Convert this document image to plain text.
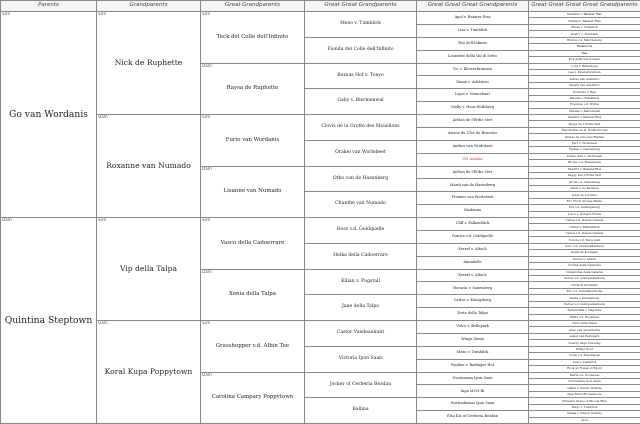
Parents	Grandparents	Great Grandparents	Great Great Grandparents	Great Great Great Grandparents	Great Great Great Great Grandparents

Sire
Go van Wordanis	Sire
Nick de Ruphette	Sire
Teck del Colle dell'Infinito	Mexo v. Tumblick	Apol v. Batarer Riss	Kashmir v. Batarer Riss
					Chanel v. Batarer Riss
				Lisa v. Tumblick	Brexa v. Tumblick
					Poetry v. Tumblick
			Fionda del Colle dell'Infinito	Tito dell'Infinito	Brutus v.d. Marcheberg
					Bellamicia
				Louisette della Val di Setto	Ben
					Eva della Val di Setto

		Dam
Raysa de Ruphette	Boxxas Hof v. Tonyo	Vic v. Klosterbrunnen	Lord v. Rittenberg
					Lea v. Klosterbrunnen
				Diana v. Adelsirro	Zeltus van Adelsirro
					Wendy van Adelsirro
			Gaby v. Biermenwal	Lajos v. Neunebaut	Scudetto v. Bell
					Fabelle v. Fabelberg
				Molly v. Haus Rothberg	Erasmus v.d. Wiche
					Mirelle v. Bentonwall

	Dam
Roxanne van Numado	Sire
Furio van Wordanis	Clovis de la Grotte des Moisillons	Arthos de l'Erdie Vert	Xandrix v. Batarer Riss
					Peggy de L'Erdie Vert
				Ariane du Clos du Bruerias	Exporienne de la Truffe Proclie
					Oriade du Clos des Brarias
			Orakel van Worlebeet	Anthos van Worlebeet	Ferr v. Worlebeet
					Fjenna v. Galvenberg
				CH Aranka	Zodiac Kim v. Worlebeet
					Brome v.d. Hazenberg

		Dam
Lisanne van Numado	Otho van de Hazenberg	Arthos de l'Erdie Vert	Xandrix v. Batarer Riss
					Peggy Del L'Erdie Vert
				Mardi van de Hazenberg	Jerom v.d. Hazenberg
					Xanti v. de Barbara
			Chanthe van Numado	Premier van Worlebeet	Jenix de Lorenne
					Evo Front Stones Marre
				Madonna	Evu v.d. Kerlingsberg
					Joyce v. Dongs's Horse

Dam
Quintina Steptown	Sire
Vip della Talpa	Sire
Vasco della Cadoerrare	Hoss v.d. Goldquelle	Cliff v. Falkenblick	Carlos v.d. Nanan Grande
					Urban v. Falkenblick
				Danica v.d. Goldquelle	Carlos v.d. Nanan Grande
					Coyote v.d. Berg Aust
			Helka della Cadoerrare	Xerxel v. Altach	Xevo v.d. Goldquellenberg
					Greta de Kormann
				Annabelle	Xerxel v. Altach
					Norina della Galarsini

		Dam
Xenia della Talpa	Kilian v. Pugstall	Xerxel v. Altach	Grandolina della Galarsa
					Xerxel v.d. Goldquellenberg
				Horacia v. Saxenberg	Greta di Kormann
					Ero v.d. Schwalpurtsche
			Jane della Talpa	Carlos v. Königsberg	Greta v. Königsberg
					Xerxel v.d. Goldquellenberg
				Torta della Talpa	Fernandina v. Hagenbe
					Misty v.d. Royannet

	Dam
Koral Kupa Poppytown	Sire
Grasshopper v.d. Albin Tee	Castor Vandeaukunt	Vulco v. Bellopark	Nero della Talpa
					Gaso van Ypetchorne
				Wingz Xenia	Aiglet van Bellopark
					Quarry degli Schwing
			Victoria Ipon Saan	Mexo v. Tumblick	Wingz Noor
					Doxa v.d. Kiwenhoek
				Paulina v. Badinger Hof	Lisa v. Tumblick
					Rook ut Frelen vi Egom

		Dam
Carolina Campary Poppytown	Jocker of Cerberia Bezdan	Nocturama Ipon Saan	Merle v.d. Koonewal
					Nocturama Ipon Saan
				Inga Mi-Vi-Bi	Onkel v. Nesvic Grande
					Inga Mi-Vi-Bi Gessuone
			Ballina	Nostradamus Ipon Saan	Clinedon Grace of Bloody Blue
					Mexo v. Tumblick
				Elsa Kis of Cerberia Bezdan	Gislea v. Nesvic Grande
					Arca
